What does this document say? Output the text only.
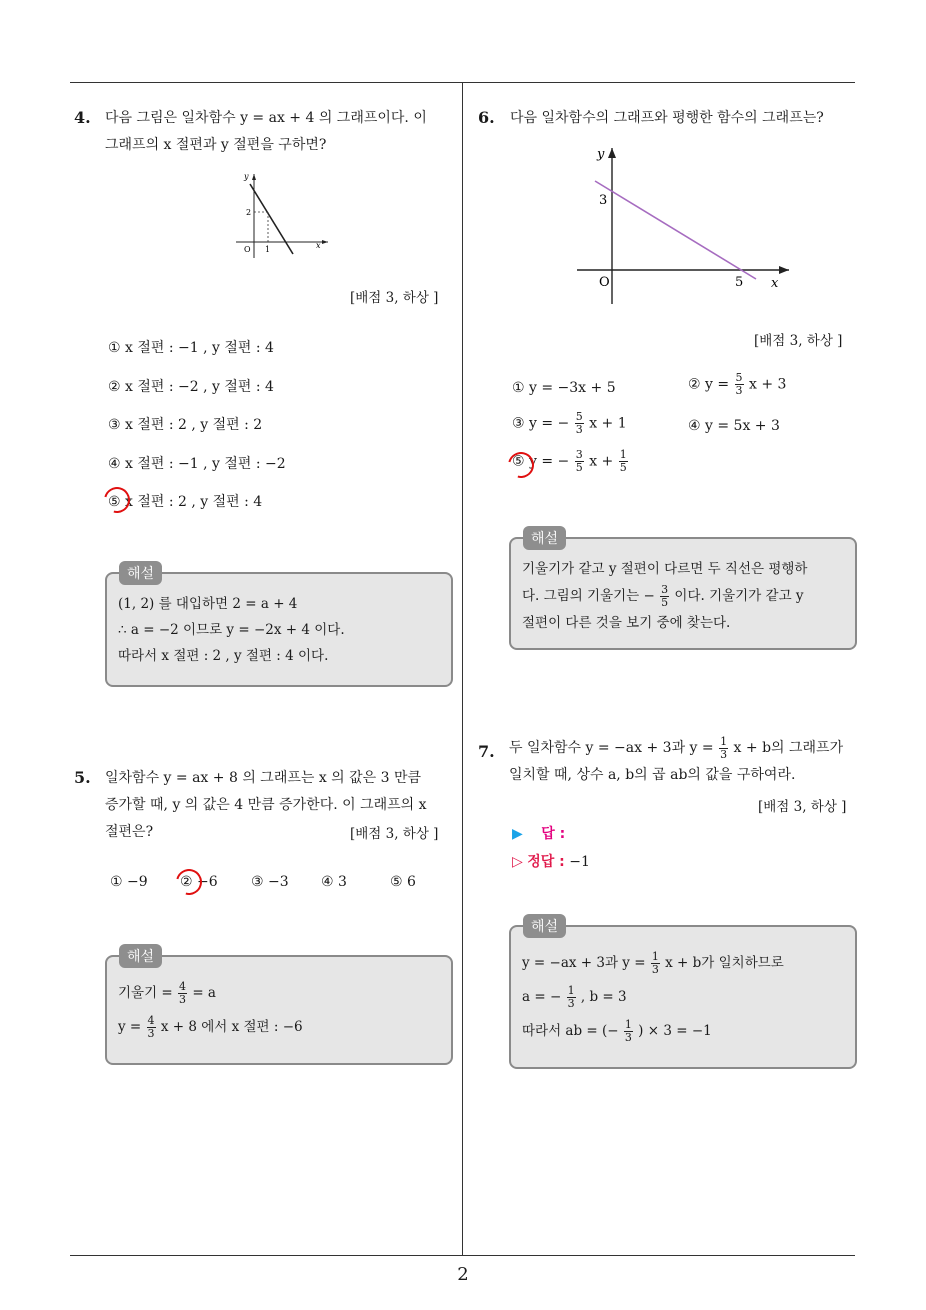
2
4. 다음 그림은 일차함수 y = ax + 4 의 그래프이다. 이
그래프의 x 절편과 y 절편을 구하면?
y
x
O 1
2
[배점 3, 하상 ]
① x 절편 : −1 , y 절편 : 4
② x 절편 : −2 , y 절편 : 4
③ x 절편 : 2 , y 절편 : 2
④ x 절편 : −1 , y 절편 : −2
⑤ x 절편 : 2 , y 절편 : 4
해설
(1, 2) 를 대입하면 2 = a + 4
∴ a = −2 이므로 y = −2x + 4 이다.
따라서 x 절편 : 2 , y 절편 : 4 이다.
5. 일차함수 y = ax + 8 의 그래프는 x 의 값은 3 만큼
증가할 때, y 의 값은 4 만큼 증가한다. 이 그래프의 x
절편은?	[배점 3, 하상 ]
① −9 ② −6 ③ −3 ④ 3	⑤ 6
해설
기울기 = $\frac{4}{3} = a$
$y = \frac{4}{3}$ x + 8 에서 x 절편 : −6
6. 다음 일차함수의 그래프와 평행한 함수의 그래프는?
y
x
O
3
5
[배점 3, 하상 ]
① y = −3x + 5	② $y = \frac{5}{3}$ x + 3
③ y = − $\frac{5}{3}$ x + 1	④ y = 5x + 3
⑤ y = − $\frac{3}{5}$ $x + \frac{1}{5}$
해설
기울기가 같고 y 절편이 다르면 두 직선은 평행하
다. 그림의 기울기는 − $\frac{3}{5}$ 이다. 기울기가 같고 y
절편이 다른 것을 보기 중에 찾는다.
7. 두 일차함수 y = −ax + 3과 $y = \frac{1}{3}$ x + b의 그래프가
일치할 때, 상수 a, b의 곱 ab의 값을 구하여라.
[배점 3, 하상 ]
▶ 답 :
▷ 정답 : −1
해설
y = −ax + 3과 $y = \frac{1}{3}$ x + b가 일치하므로
a = − $\frac{1}{3}$ , b = 3
따라서 ab = (− $\frac{1}{3}$ ) × 3 = −1
